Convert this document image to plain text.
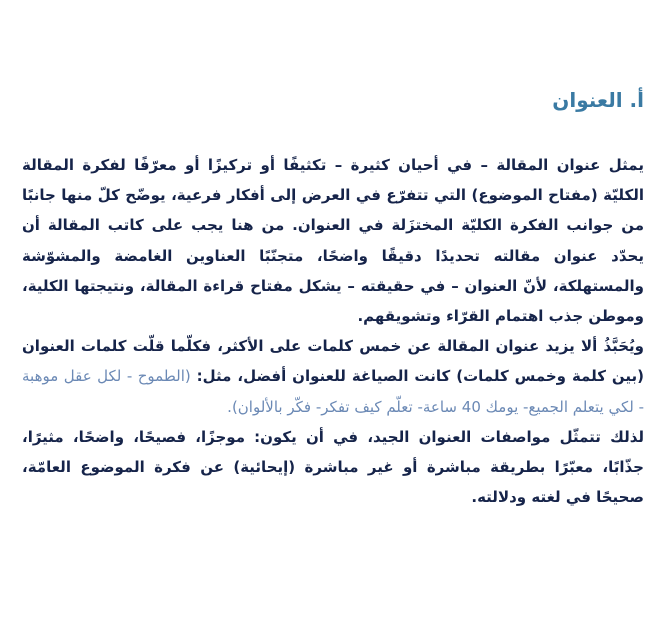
أ. العنوان

يمثل عنوان المقالة – في أحيان كثيرة – تكثيفًا أو تركيزًا أو معرّفًا لفكرة المقالة الكليّة (مفتاح الموضوع) التي تتفرّع في العرض إلى أفكار فرعية، يوضّح كلّ منها جانبًا من جوانب الفكرة الكليّة المختزَلة في العنوان. من هنا يجب على كاتب المقالة أن يحدّد عنوان مقالته تحديدًا دقيقًا واضحًا، متجنّبًا العناوين الغامضة والمشوّشة والمستهلكة، لأنّ العنوان – في حقيقته – يشكل مفتاح قراءة المقالة، ونتيجتها الكلية، وموطن جذب اهتمام القرّاء وتشويقهم.

ويُحَبَّذُ ألا يزيد عنوان المقالة عن خمس كلمات على الأكثر، فكلّما قلّت كلمات العنوان (بين كلمة وخمس كلمات) كانت الصياغة للعنوان أفضل، مثل: (الطموح - لكل عقل موهبة - لكي يتعلم الجميع- يومك 40 ساعة- تعلّم كيف تفكر- فكّر بالألوان).

لذلك تتمثّل مواصفات العنوان الجيد، في أن يكون: موجزًا، فصيحًا، واضحًا، مثيرًا، جذّابًا، معبّرًا بطريقة مباشرة أو غير مباشرة (إيحائية) عن فكرة الموضوع العامّة، صحيحًا في لغته ودلالته.
